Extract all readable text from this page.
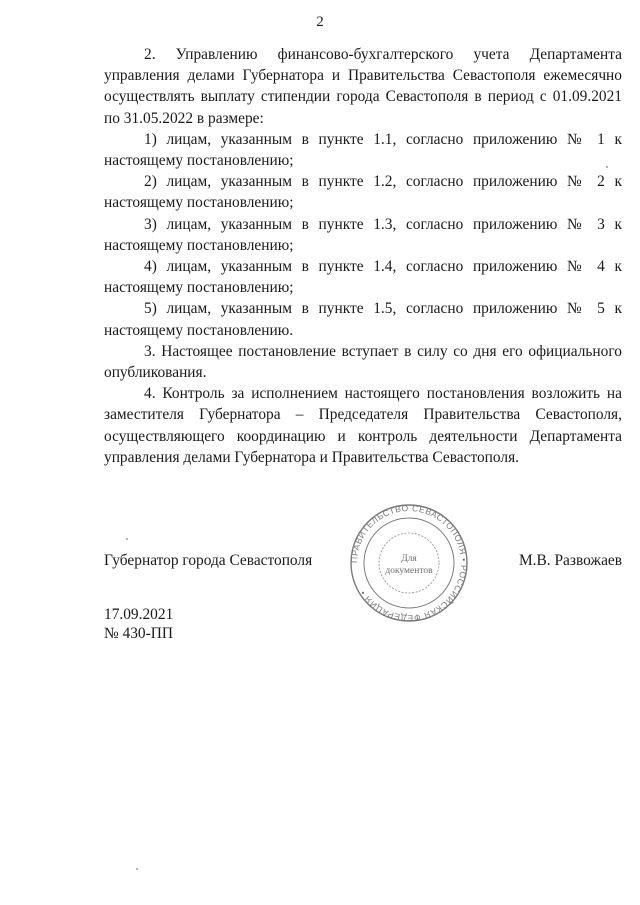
2

2. Управлению финансово-бухгалтерского учета Департамента управления делами Губернатора и Правительства Севастополя ежемесячно осуществлять выплату стипендии города Севастополя в период с 01.09.2021 по 31.05.2022 в размере:

1) лицам, указанным в пункте 1.1, согласно приложению № 1 к настоящему постановлению;

2) лицам, указанным в пункте 1.2, согласно приложению № 2 к настоящему постановлению;

3) лицам, указанным в пункте 1.3, согласно приложению № 3 к настоящему постановлению;

4) лицам, указанным в пункте 1.4, согласно приложению № 4 к настоящему постановлению;

5) лицам, указанным в пункте 1.5, согласно приложению № 5 к настоящему постановлению.

3. Настоящее постановление вступает в силу со дня его официального опубликования.

4. Контроль за исполнением настоящего постановления возложить на заместителя Губернатора – Председателя Правительства Севастополя, осуществляющего координацию и контроль деятельности Департамента управления делами Губернатора и Правительства Севастополя.

Губернатор города Севастополя	М.В. Развожаев
ПРАВИТЕЛЬСТВО СЕВАСТОПОЛЯ • РОССИЙСКАЯ ФЕДЕРАЦИЯ •
Для
документов
17.09.2021
№ 430-ПП
